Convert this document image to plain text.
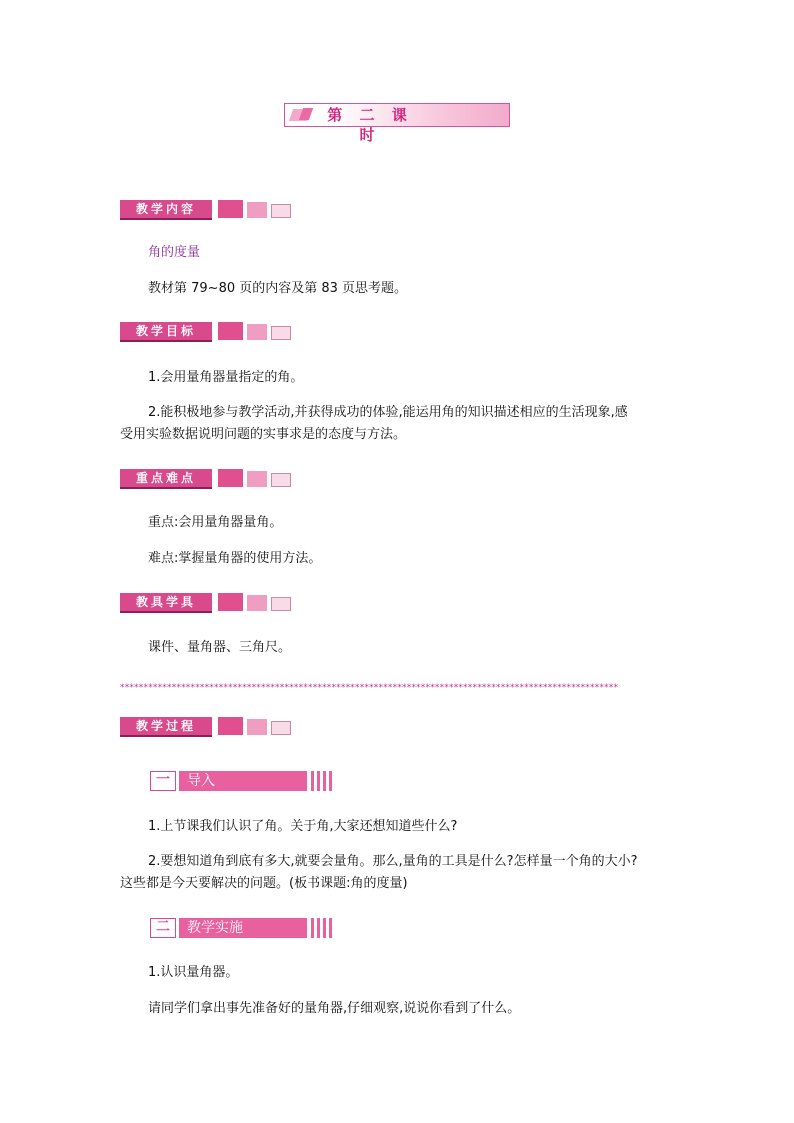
第 二 课 时
教学内容
角的度量
教材第 79~80 页的内容及第 83 页思考题。
教学目标
1.会用量角器量指定的角。
2.能积极地参与教学活动,并获得成功的体验,能运用角的知识描述相应的生活现象,感
受用实验数据说明问题的实事求是的态度与方法。
重点难点
重点:会用量角器量角。
难点:掌握量角器的使用方法。
教具学具
课件、量角器、三角尺。
**********************************************************************************************************
教学过程
一	导入
1.上节课我们认识了角。关于角,大家还想知道些什么?
2.要想知道角到底有多大,就要会量角。那么,量角的工具是什么?怎样量一个角的大小?
这些都是今天要解决的问题。(板书课题:角的度量)
二	教学实施
1.认识量角器。
请同学们拿出事先准备好的量角器,仔细观察,说说你看到了什么。
